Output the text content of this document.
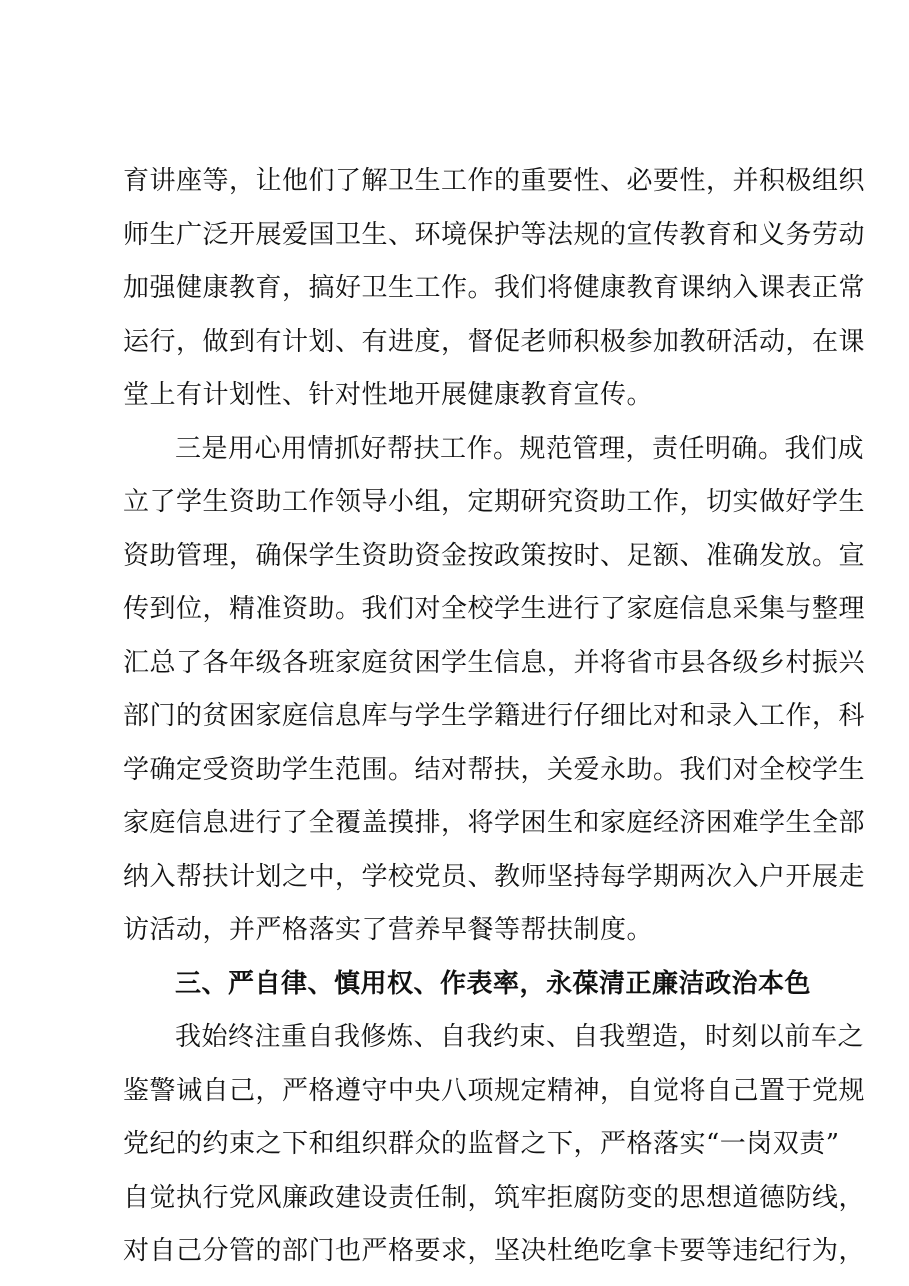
育讲座等，让他们了解卫生工作的重要性、必要性，并积极组织
师生广泛开展爱国卫生、环境保护等法规的宣传教育和义务劳动
加强健康教育，搞好卫生工作。我们将健康教育课纳入课表正常
运行，做到有计划、有进度，督促老师积极参加教研活动，在课
堂上有计划性、针对性地开展健康教育宣传。
三是用心用情抓好帮扶工作。规范管理，责任明确。我们成
立了学生资助工作领导小组，定期研究资助工作，切实做好学生
资助管理，确保学生资助资金按政策按时、足额、准确发放。宣
传到位，精准资助。我们对全校学生进行了家庭信息采集与整理
汇总了各年级各班家庭贫困学生信息，并将省市县各级乡村振兴
部门的贫困家庭信息库与学生学籍进行仔细比对和录入工作，科
学确定受资助学生范围。结对帮扶，关爱永助。我们对全校学生
家庭信息进行了全覆盖摸排，将学困生和家庭经济困难学生全部
纳入帮扶计划之中，学校党员、教师坚持每学期两次入户开展走
访活动，并严格落实了营养早餐等帮扶制度。
三、严自律、慎用权、作表率，永葆清正廉洁政治本色
我始终注重自我修炼、自我约束、自我塑造，时刻以前车之
鉴警诫自己，严格遵守中央八项规定精神，自觉将自己置于党规
党纪的约束之下和组织群众的监督之下，严格落实“一岗双责”
自觉执行党风廉政建设责任制，筑牢拒腐防变的思想道德防线，
对自己分管的部门也严格要求，坚决杜绝吃拿卡要等违纪行为，
